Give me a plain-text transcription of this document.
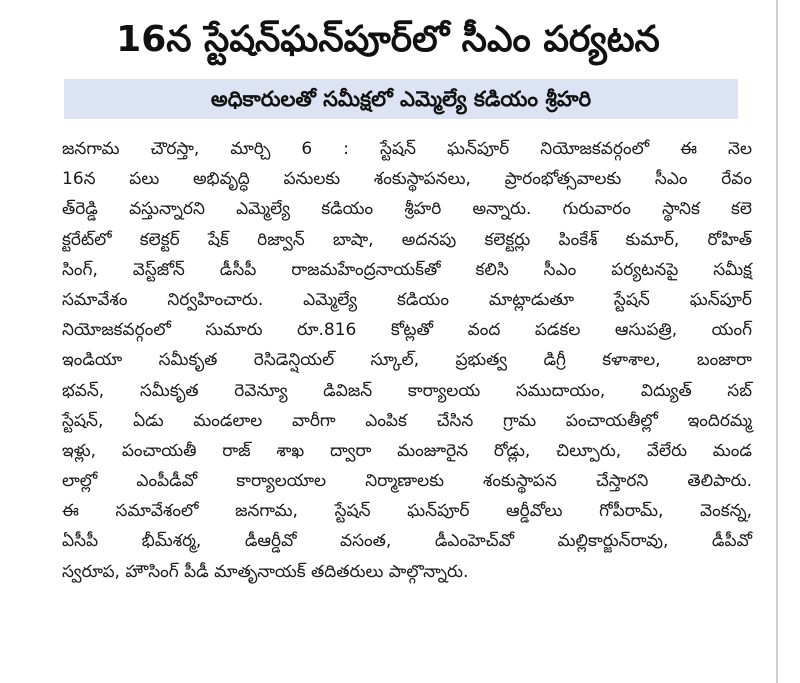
16న స్టేషన్‌ఘన్‌పూర్‌లో సీఎం పర్యటన
అధికారులతో సమీక్షలో ఎమ్మెల్యే కడియం శ్రీహరి
జనగామ చౌరస్తా, మార్చి 6 : స్టేషన్ ఘన్‌పూర్ నియోజకవర్గంలో ఈ నెల
16న పలు అభివృద్ధి పనులకు శంకుస్థాపనలు, ప్రారంభోత్సవాలకు సీఎం రేవం
త్‌రెడ్డి వస్తున్నారని ఎమ్మెల్యే కడియం శ్రీహరి అన్నారు. గురువారం స్థానిక కలె
క్టరేట్‌లో కలెక్టర్ షేక్ రిజ్వాన్ బాషా, అదనపు కలెక్టర్లు పింకేశ్ కుమార్, రోహిత్
సింగ్, వెస్ట్‌జోన్ డీసీపీ రాజమహేంద్రనాయక్‌తో కలిసి సీఎం పర్యటనపై సమీక్ష
సమావేశం నిర్వహించారు. ఎమ్మెల్యే కడియం మాట్లాడుతూ స్టేషన్ ఘన్‌పూర్
నియోజకవర్గంలో సుమారు రూ.816 కోట్లతో వంద పడకల ఆసుపత్రి, యంగ్
ఇండియా సమీకృత రెసిడెన్షియల్ స్కూల్, ప్రభుత్వ డిగ్రీ కళాశాల, బంజారా
భవన్, సమీకృత రెవెన్యూ డివిజన్ కార్యాలయ సముదాయం, విద్యుత్ సబ్
స్టేషన్, ఏడు మండలాల వారీగా ఎంపిక చేసిన గ్రామ పంచాయతీల్లో ఇందిరమ్మ
ఇళ్లు, పంచాయతీ రాజ్ శాఖ ద్వారా మంజూరైన రోడ్లు, చిల్పూరు, వేలేరు మండ
లాల్లో ఎంపీడీవో కార్యాలయాల నిర్మాణాలకు శంకుస్థాపన చేస్తారని తెలిపారు.
ఈ సమావేశంలో జనగామ, స్టేషన్ ఘన్‌పూర్ ఆర్డీవోలు గోపీరామ్, వెంకన్న,
ఏసీపీ భీమ్‌శర్మ, డీఆర్డీవో వసంత, డీఎంహెచ్‌వో మల్లికార్జున్‌రావు, డీపీవో
స్వరూప, హౌసింగ్ పీడీ మాతృనాయక్ తదితరులు పాల్గొన్నారు.
